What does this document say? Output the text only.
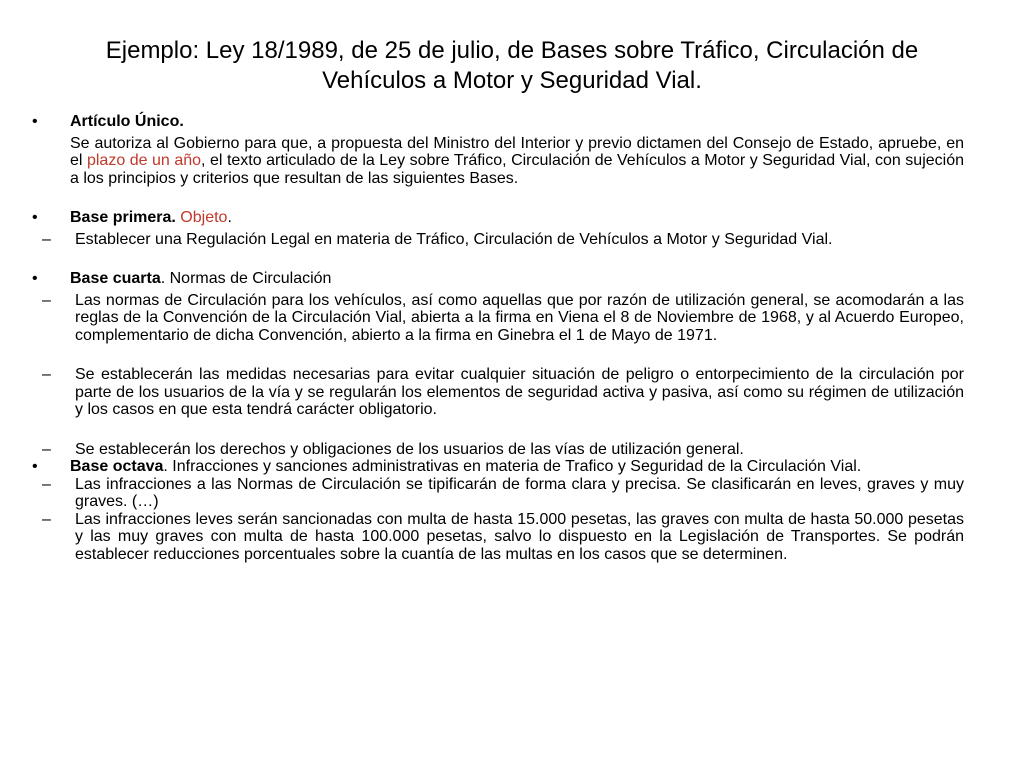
Ejemplo: Ley 18/1989, de 25 de julio, de Bases sobre Tráfico, Circulación de
Vehículos a Motor y Seguridad Vial.
•	Artículo Único.

Se autoriza al Gobierno para que, a propuesta del Ministro del Interior y previo dictamen del Consejo de Estado, apruebe, en el plazo de un año, el texto articulado de la Ley sobre Tráfico, Circulación de Vehículos a Motor y Seguridad Vial, con sujeción a los principios y criterios que resultan de las siguientes Bases.

•	Base primera. Objeto.
– Establecer una Regulación Legal en materia de Tráfico, Circulación de Vehículos a Motor y Seguridad Vial.
•	Base cuarta. Normas de Circulación
– Las normas de Circulación para los vehículos, así como aquellas que por razón de utilización general, se acomodarán a las reglas de la Convención de la Circulación Vial, abierta a la firma en Viena el 8 de Noviembre de 1968, y al Acuerdo Europeo, complementario de dicha Convención, abierto a la firma en Ginebra el 1 de Mayo de 1971.
– Se establecerán las medidas necesarias para evitar cualquier situación de peligro o entorpecimiento de la circulación por parte de los usuarios de la vía y se regularán los elementos de seguridad activa y pasiva, así como su régimen de utilización y los casos en que esta tendrá carácter obligatorio.
– Se establecerán los derechos y obligaciones de los usuarios de las vías de utilización general.
•	Base octava. Infracciones y sanciones administrativas en materia de Trafico y Seguridad de la Circulación Vial.
– Las infracciones a las Normas de Circulación se tipificarán de forma clara y precisa. Se clasificarán en leves, graves y muy graves. (…)
– Las infracciones leves serán sancionadas con multa de hasta 15.000 pesetas, las graves con multa de hasta 50.000 pesetas y las muy graves con multa de hasta 100.000 pesetas, salvo lo dispuesto en la Legislación de Transportes. Se podrán establecer reducciones porcentuales sobre la cuantía de las multas en los casos que se determinen.
